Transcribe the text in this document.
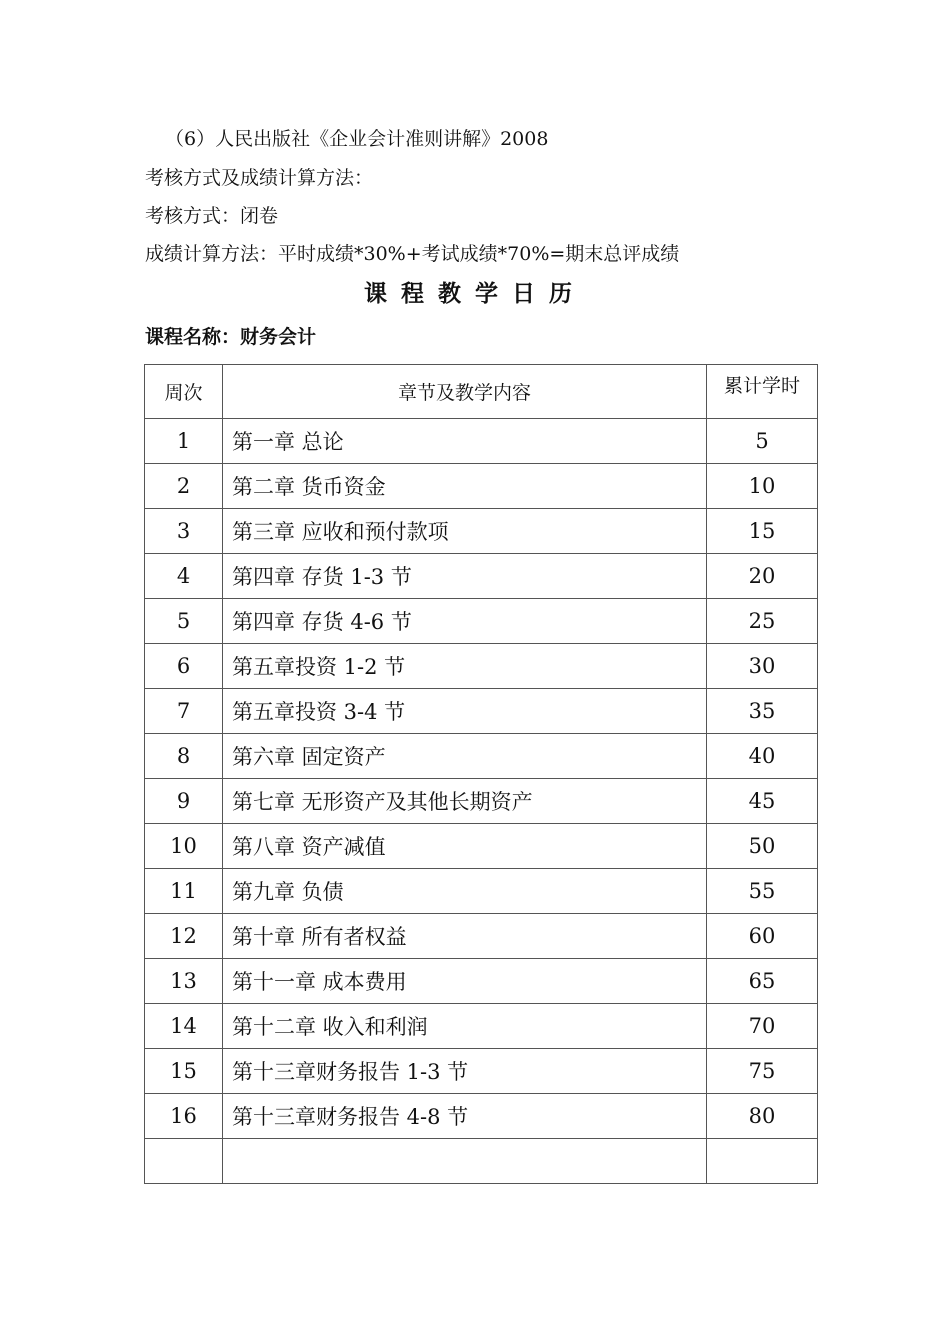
（6）人民出版社《企业会计准则讲解》2008
考核方式及成绩计算方法：
考核方式：闭卷
成绩计算方法：平时成绩*30%+考试成绩*70%=期末总评成绩
课程教学日历
课程名称：财务会计
周次	章节及教学内容	累计学时
1	第一章 总论	5
2	第二章 货币资金	10
3	第三章 应收和预付款项	15
4	第四章 存货 1-3 节	20
5	第四章 存货 4-6 节	25
6	第五章投资 1-2 节	30
7	第五章投资 3-4 节	35
8	第六章 固定资产	40
9	第七章 无形资产及其他长期资产	45
10	第八章 资产减值	50
11	第九章 负债	55
12	第十章 所有者权益	60
13	第十一章 成本费用	65
14	第十二章 收入和利润	70
15	第十三章财务报告 1-3 节	75
16	第十三章财务报告 4-8 节	80
